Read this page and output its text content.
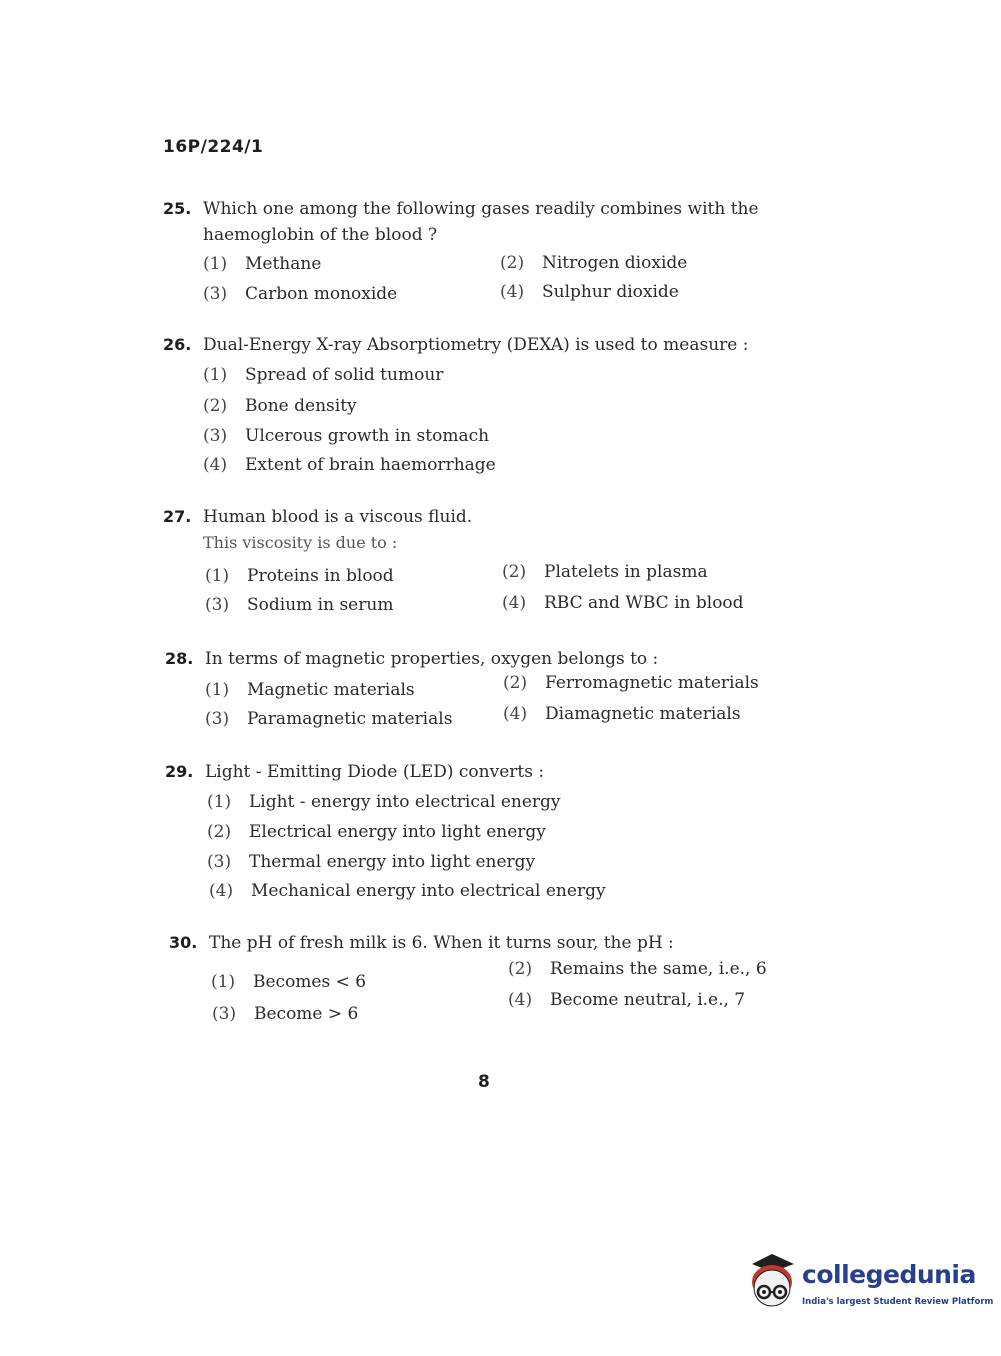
16P/224/1
25. Which one among the following gases readily combines with the haemoglobin of the blood ?
(1) Methane	(2) Nitrogen dioxide
(3) Carbon monoxide	(4) Sulphur dioxide
26. Dual-Energy X-ray Absorptiometry (DEXA) is used to measure :
(1) Spread of solid tumour
(2) Bone density
(3) Ulcerous growth in stomach
(4) Extent of brain haemorrhage
27. Human blood is a viscous fluid.
This viscosity is due to :
(1) Proteins in blood	(2) Platelets in plasma
(3) Sodium in serum	(4) RBC and WBC in blood
28. In terms of magnetic properties, oxygen belongs to :
(1) Magnetic materials	(2) Ferromagnetic materials
(3) Paramagnetic materials	(4) Diamagnetic materials
29. Light - Emitting Diode (LED) converts :
(1) Light - energy into electrical energy
(2) Electrical energy into light energy
(3) Thermal energy into light energy
(4) Mechanical energy into electrical energy
30. The pH of fresh milk is 6. When it turns sour, the pH :
(1) Becomes < 6
(2) Remains the same, i.e., 6
(3) Become > 6
(4) Become neutral, i.e., 7
8
collegedunia
India's largest Student Review Platform
